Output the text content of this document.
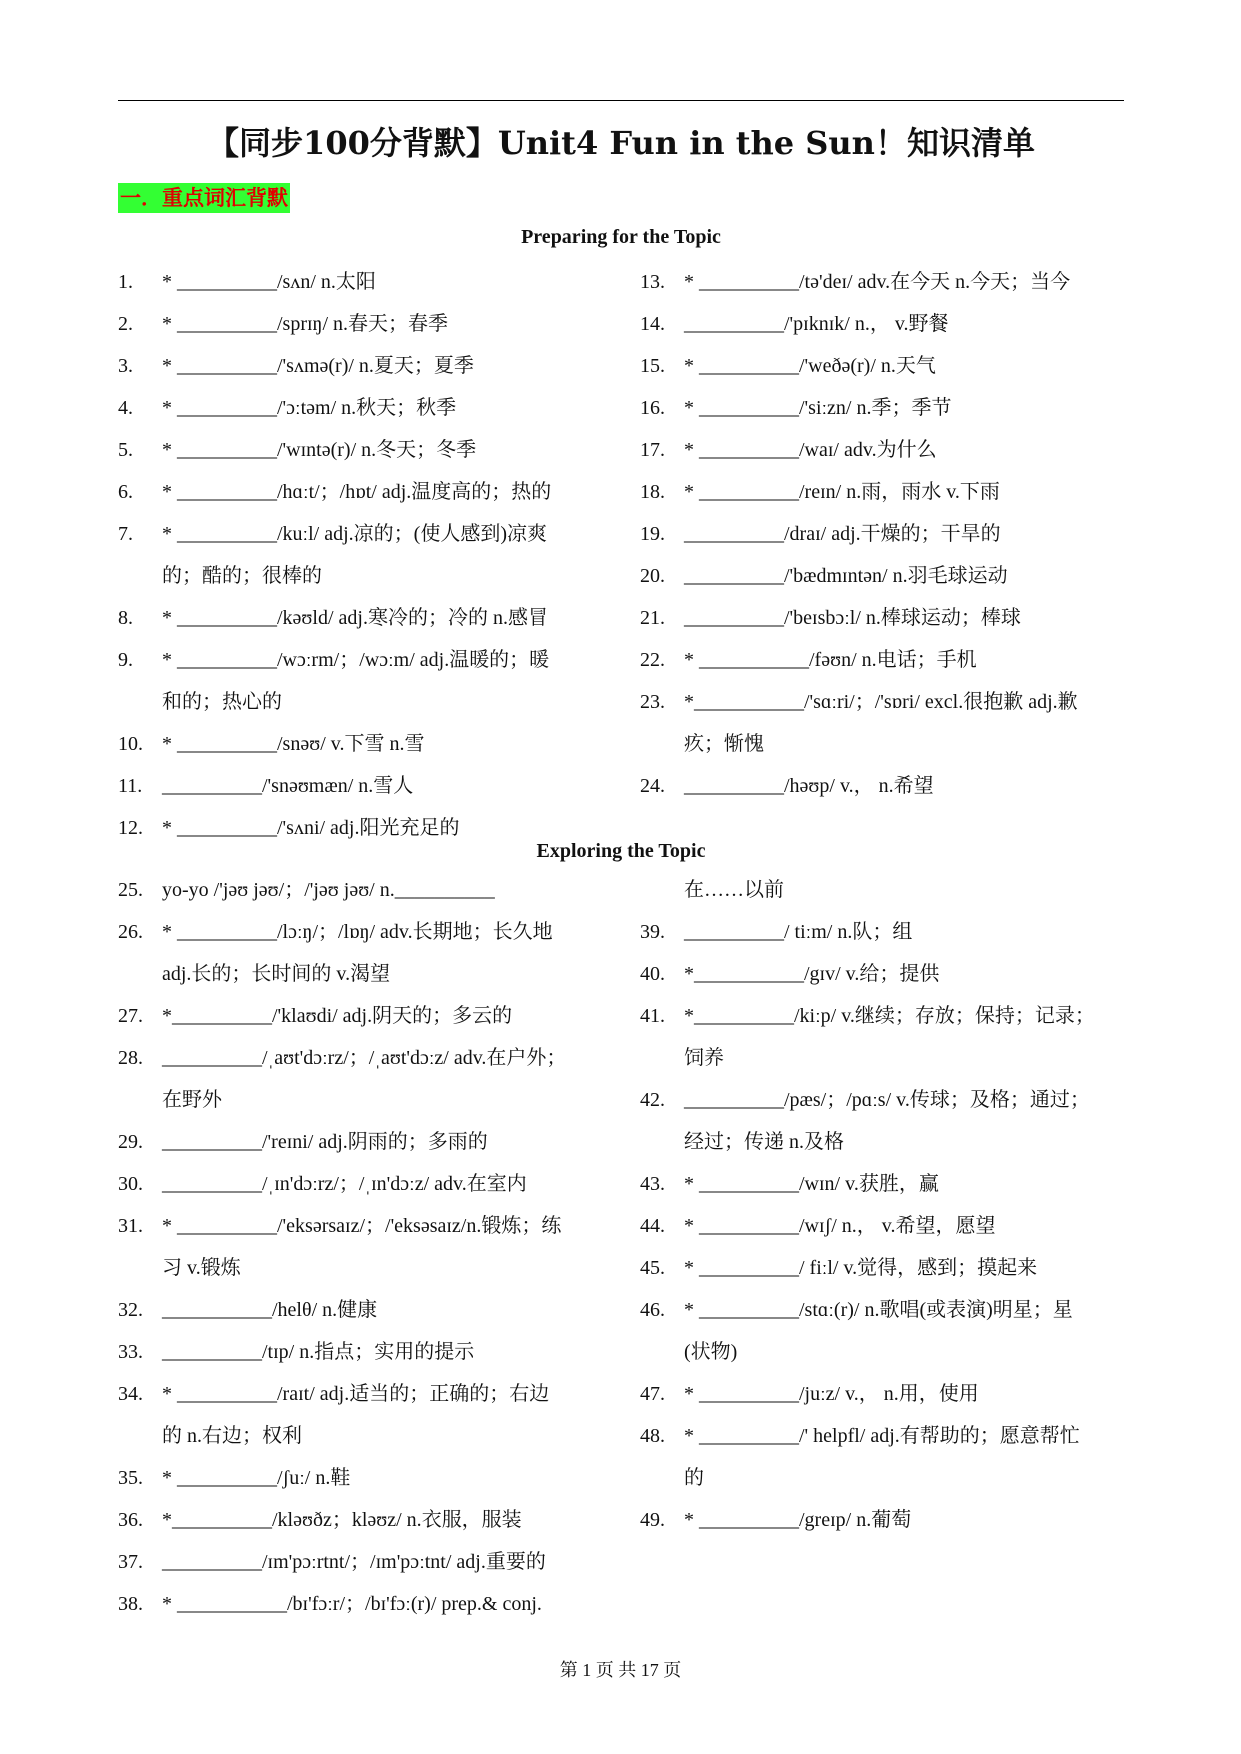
【同步100分背默】Unit4 Fun in the Sun！知识清单
一．重点词汇背默
Preparing for the Topic
Exploring the Topic
1. * __________/sʌn/ n.太阳
2. * __________/sprɪŋ/ n.春天；春季
3. * __________/'sʌmə(r)/ n.夏天；夏季
4. * __________/'ɔːtəm/ n.秋天；秋季
5. * __________/'wɪntə(r)/ n.冬天；冬季
6. * __________/hɑːt/；/hɒt/ adj.温度高的；热的
7. * __________/kuːl/ adj.凉的；(使人感到)凉爽
的；酷的；很棒的
8. * __________/kəʊld/ adj.寒冷的；冷的 n.感冒
9. * __________/wɔːrm/；/wɔːm/ adj.温暖的；暖
和的；热心的
10. * __________/snəʊ/ v.下雪 n.雪
11. __________/'snəʊmæn/ n.雪人
12. * __________/'sʌni/ adj.阳光充足的
13. * __________/tə'deɪ/ adv.在今天 n.今天；当今
14. __________/'pɪknɪk/ n.， v.野餐
15. * __________/'weðə(r)/ n.天气
16. * __________/'siːzn/ n.季；季节
17. * __________/waɪ/ adv.为什么
18. * __________/reɪn/ n.雨，雨水 v.下雨
19. __________/draɪ/ adj.干燥的；干旱的
20. __________/'bædmɪntən/ n.羽毛球运动
21. __________/'beɪsbɔːl/ n.棒球运动；棒球
22. * ___________/fəʊn/ n.电话；手机
23. *___________/'sɑːri/；/'sɒri/ excl.很抱歉 adj.歉
疚；惭愧
24. __________/həʊp/ v.， n.希望
25. yo-yo /'jəʊ jəʊ/；/'jəʊ jəʊ/ n.__________
26. * __________/lɔːŋ/；/lɒŋ/ adv.长期地；长久地
adj.长的；长时间的 v.渴望
27. *__________/'klaʊdi/ adj.阴天的；多云的
28. __________/ˌaʊt'dɔːrz/；/ˌaʊt'dɔːz/ adv.在户外；
在野外
29. __________/'reɪni/ adj.阴雨的；多雨的
30. __________/ˌɪn'dɔːrz/；/ˌɪn'dɔːz/ adv.在室内
31. * __________/'eksərsaɪz/；/'eksəsaɪz/n.锻炼；练
习 v.锻炼
32. ___________/helθ/ n.健康
33. __________/tɪp/ n.指点；实用的提示
34. * __________/raɪt/ adj.适当的；正确的；右边
的 n.右边；权利
35. * __________/ʃuː/ n.鞋
36. *__________/kləʊðz；kləʊz/ n.衣服，服装
37. __________/ɪm'pɔːrtnt/；/ɪm'pɔːtnt/ adj.重要的
38. * ___________/bɪ'fɔːr/；/bɪ'fɔː(r)/ prep.& conj.
在……以前
39. __________/ tiːm/ n.队；组
40. *___________/gɪv/ v.给；提供
41. *__________/kiːp/ v.继续；存放；保持；记录；
饲养
42. __________/pæs/；/pɑːs/ v.传球；及格；通过；
经过；传递 n.及格
43. * __________/wɪn/ v.获胜，赢
44. * __________/wɪʃ/ n.， v.希望，愿望
45. * __________/ fiːl/ v.觉得，感到；摸起来
46. * __________/stɑː(r)/ n.歌唱(或表演)明星；星
(状物)
47. * __________/juːz/ v.， n.用，使用
48. * __________/' helpfl/ adj.有帮助的；愿意帮忙
的
49. * __________/greɪp/ n.葡萄
第 1 页 共 17 页
